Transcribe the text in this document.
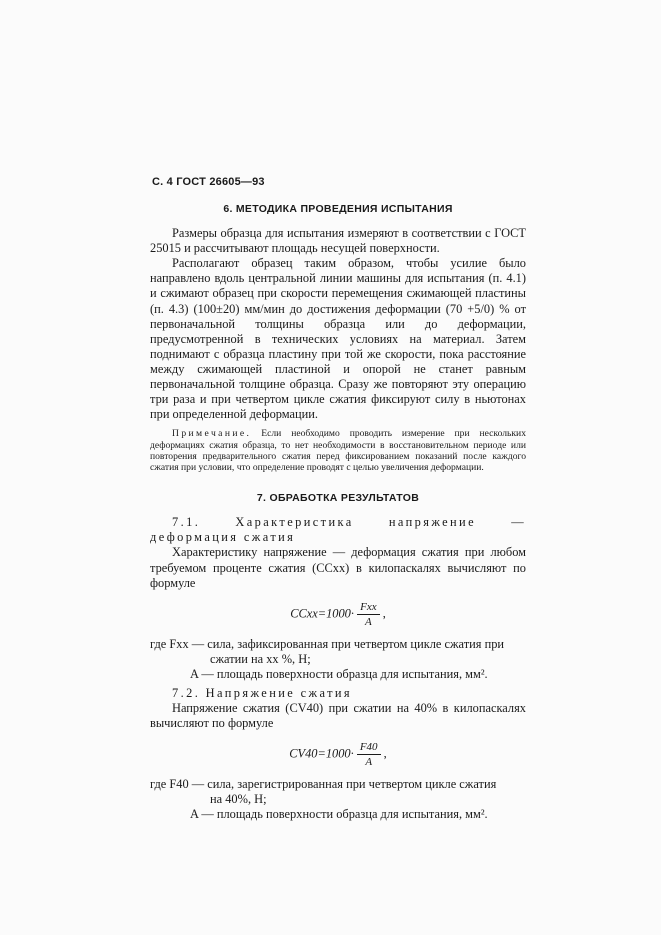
С. 4 ГОСТ 26605—93
6. МЕТОДИКА ПРОВЕДЕНИЯ ИСПЫТАНИЯ

Размеры образца для испытания измеряют в соответствии с ГОСТ 25015 и рассчитывают площадь несущей поверхности.

Располагают образец таким образом, чтобы усилие было направлено вдоль центральной линии машины для испытания (п. 4.1) и сжимают образец при скорости перемещения сжимающей пластины (п. 4.3) (100±20) мм/мин до достижения деформации (70 +5/0) % от первоначальной толщины образца или до деформации, предусмотренной в технических условиях на материал. Затем поднимают с образца пластину при той же скорости, пока расстояние между сжимающей пластиной и опорой не станет равным первоначальной толщине образца. Сразу же повторяют эту операцию три раза и при четвертом цикле сжатия фиксируют силу в ньютонах при определенной деформации.

Примечание. Если необходимо проводить измерение при нескольких деформациях сжатия образца, то нет необходимости в восстановительном периоде или повторения предварительного сжатия перед фиксированием показаний после каждого сжатия при условии, что определение проводят с целью увеличения деформации.

7. ОБРАБОТКА РЕЗУЛЬТАТОВ

7.1. Характеристика напряжение — деформация сжатия

Характеристику напряжение — деформация сжатия при любом требуемом проценте сжатия (CCxx) в килопаскалях вычисляют по формуле

CCxx=1000· $\frac{\text{Fxx}}{A}$ ,
где Fxx — сила, зафиксированная при четвертом цикле сжатия при
сжатии на xx %, Н;
A — площадь поверхности образца для испытания, мм².

7.2. Напряжение сжатия

Напряжение сжатия (CV40) при сжатии на 40% в килопаскалях вычисляют по формуле

$CV40=1000\cdot \frac{F40}{A}$ ,
где F40 — сила, зарегистрированная при четвертом цикле сжатия
на 40%, Н;
A — площадь поверхности образца для испытания, мм².
